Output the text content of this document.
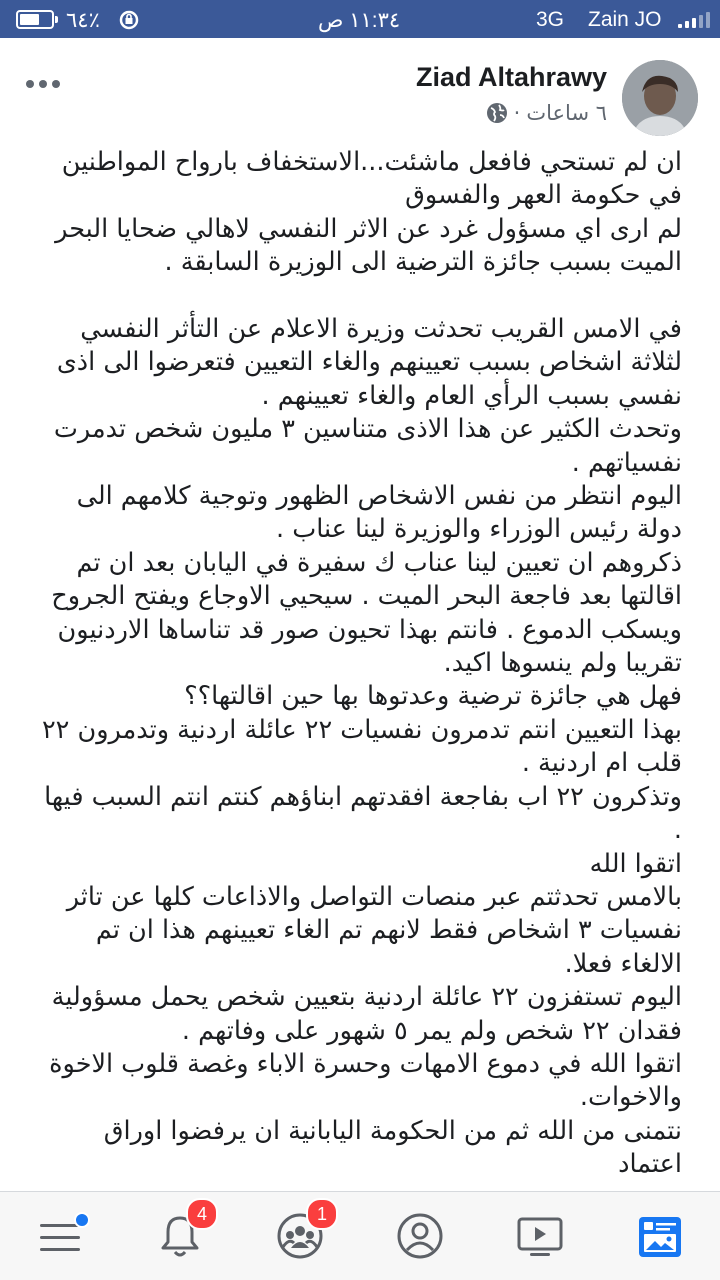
٦٤٪	١١:٣٤ ص	3G Zain JO
Ziad Altahrawy
٦ ساعات
·

ان لم تستحي فافعل ماشئت...الاستخفاف بارواح المواطنين في حكومة العهر والفسوق

لم ارى اي مسؤول غرد عن الاثر النفسي لاهالي ضحايا البحر الميت بسبب جائزة الترضية الى الوزيرة السابقة .

في الامس القريب تحدثت وزيرة الاعلام عن التأثر النفسي لثلاثة اشخاص بسبب تعيينهم والغاء التعيين فتعرضوا الى اذى نفسي بسبب الرأي العام والغاء تعيينهم .

وتحدث الكثير عن هذا الاذى متناسين ٣ مليون شخص تدمرت نفسياتهم .

اليوم انتظر من نفس الاشخاص الظهور وتوجية كلامهم الى دولة رئيس الوزراء والوزيرة لينا عناب .

ذكروهم ان تعيين لينا عناب ك سفيرة في اليابان بعد ان تم اقالتها بعد فاجعة البحر الميت . سيحيي الاوجاع ويفتح الجروح ويسكب الدموع . فانتم بهذا تحيون صور قد تناساها الاردنيون تقريبا ولم ينسوها اكيد.

فهل هي جائزة ترضية وعدتوها بها حين اقالتها؟؟

بهذا التعيين انتم تدمرون نفسيات ٢٢ عائلة اردنية وتدمرون ٢٢ قلب ام اردنية .

وتذكرون ٢٢ اب بفاجعة افقدتهم ابناؤهم كنتم انتم السبب فيها .

اتقوا الله

بالامس تحدثتم عبر منصات التواصل والاذاعات كلها عن تاثر نفسيات ٣ اشخاص فقط لانهم تم الغاء تعيينهم هذا ان تم الالغاء فعلا.

اليوم تستفزون ٢٢ عائلة اردنية بتعيين شخص يحمل مسؤولية فقدان ٢٢ شخص ولم يمر ٥ شهور على وفاتهم .

اتقوا الله في دموع الامهات وحسرة الاباء وغصة قلوب الاخوة والاخوات.

نتمنى من الله ثم من الحكومة اليابانية ان يرفضوا اوراق اعتماد

4	1
